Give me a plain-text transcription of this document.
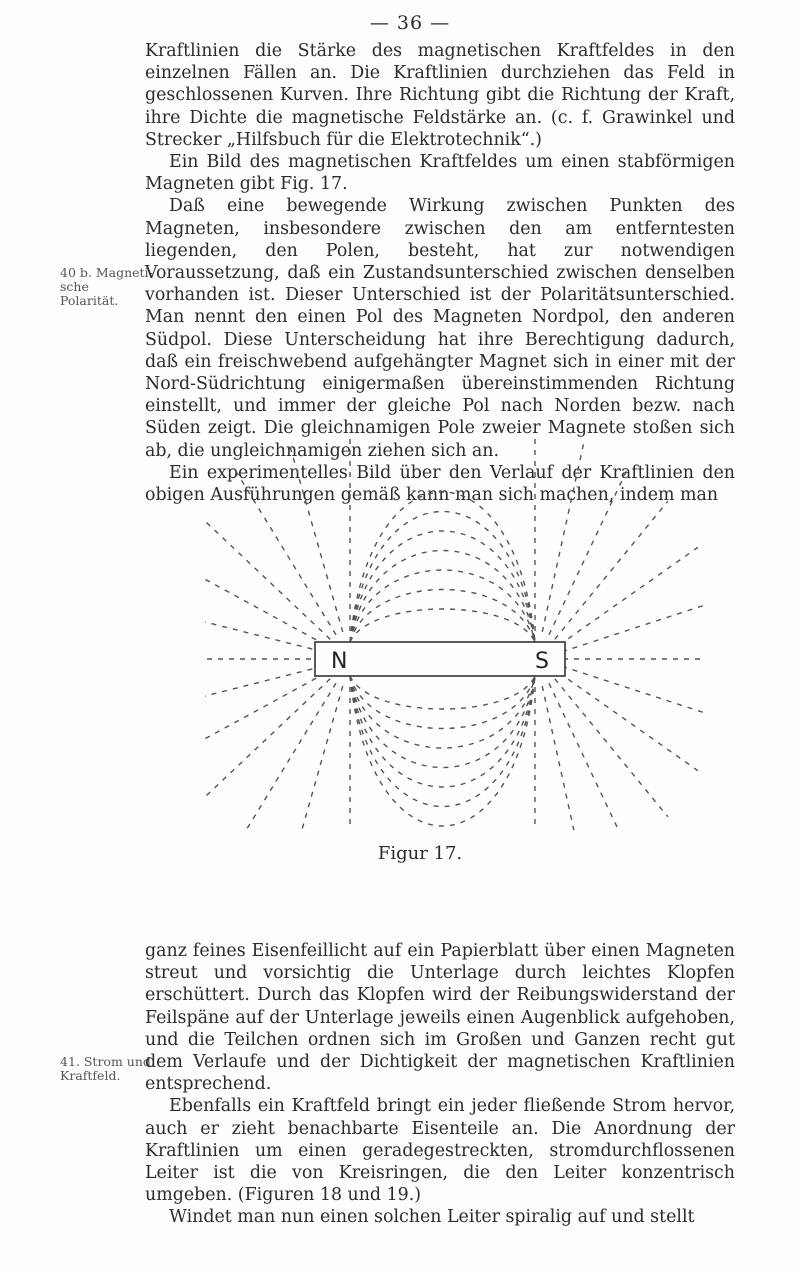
— 36 —
40 b. Magneti-
sche
Polarität.
41. Strom und
Kraftfeld.

Kraftlinien die Stärke des magnetischen Kraftfeldes in den einzelnen Fällen an. Die Kraftlinien durchziehen das Feld in geschlossenen Kurven. Ihre Richtung gibt die Richtung der Kraft, ihre Dichte die magnetische Feldstärke an. (c. f. Grawinkel und Strecker „Hilfsbuch für die Elektrotechnik“.)

Ein Bild des magnetischen Kraftfeldes um einen stabförmigen Magneten gibt Fig. 17.

Daß eine bewegende Wirkung zwischen Punkten des Magneten, insbesondere zwischen den am entferntesten liegenden, den Polen, besteht, hat zur notwendigen Voraussetzung, daß ein Zustandsunterschied zwischen denselben vorhanden ist. Dieser Unterschied ist der Polaritätsunterschied. Man nennt den einen Pol des Magneten Nordpol, den anderen Südpol. Diese Unterscheidung hat ihre Berechtigung dadurch, daß ein freischwebend aufgehängter Magnet sich in einer mit der Nord-Südrichtung einigermaßen übereinstimmenden Richtung einstellt, und immer der gleiche Pol nach Norden bezw. nach Süden zeigt. Die gleichnamigen Pole zweier Magnete stoßen sich ab, die ungleichnamigen ziehen sich an.

Ein experimentelles Bild über den Verlauf der Kraftlinien den obigen Ausführungen gemäß kann man sich machen, indem man

N	S
Figur 17.

ganz feines Eisenfeillicht auf ein Papierblatt über einen Magneten streut und vorsichtig die Unterlage durch leichtes Klopfen erschüttert. Durch das Klopfen wird der Reibungswiderstand der Feilspäne auf der Unterlage jeweils einen Augenblick aufgehoben, und die Teilchen ordnen sich im Großen und Ganzen recht gut dem Verlaufe und der Dichtigkeit der magnetischen Kraftlinien entsprechend.

Ebenfalls ein Kraftfeld bringt ein jeder fließende Strom hervor, auch er zieht benachbarte Eisenteile an. Die Anordnung der Kraftlinien um einen geradegestreckten, stromdurchflossenen Leiter ist die von Kreisringen, die den Leiter konzentrisch umgeben. (Figuren 18 und 19.)

Windet man nun einen solchen Leiter spiralig auf und stellt
